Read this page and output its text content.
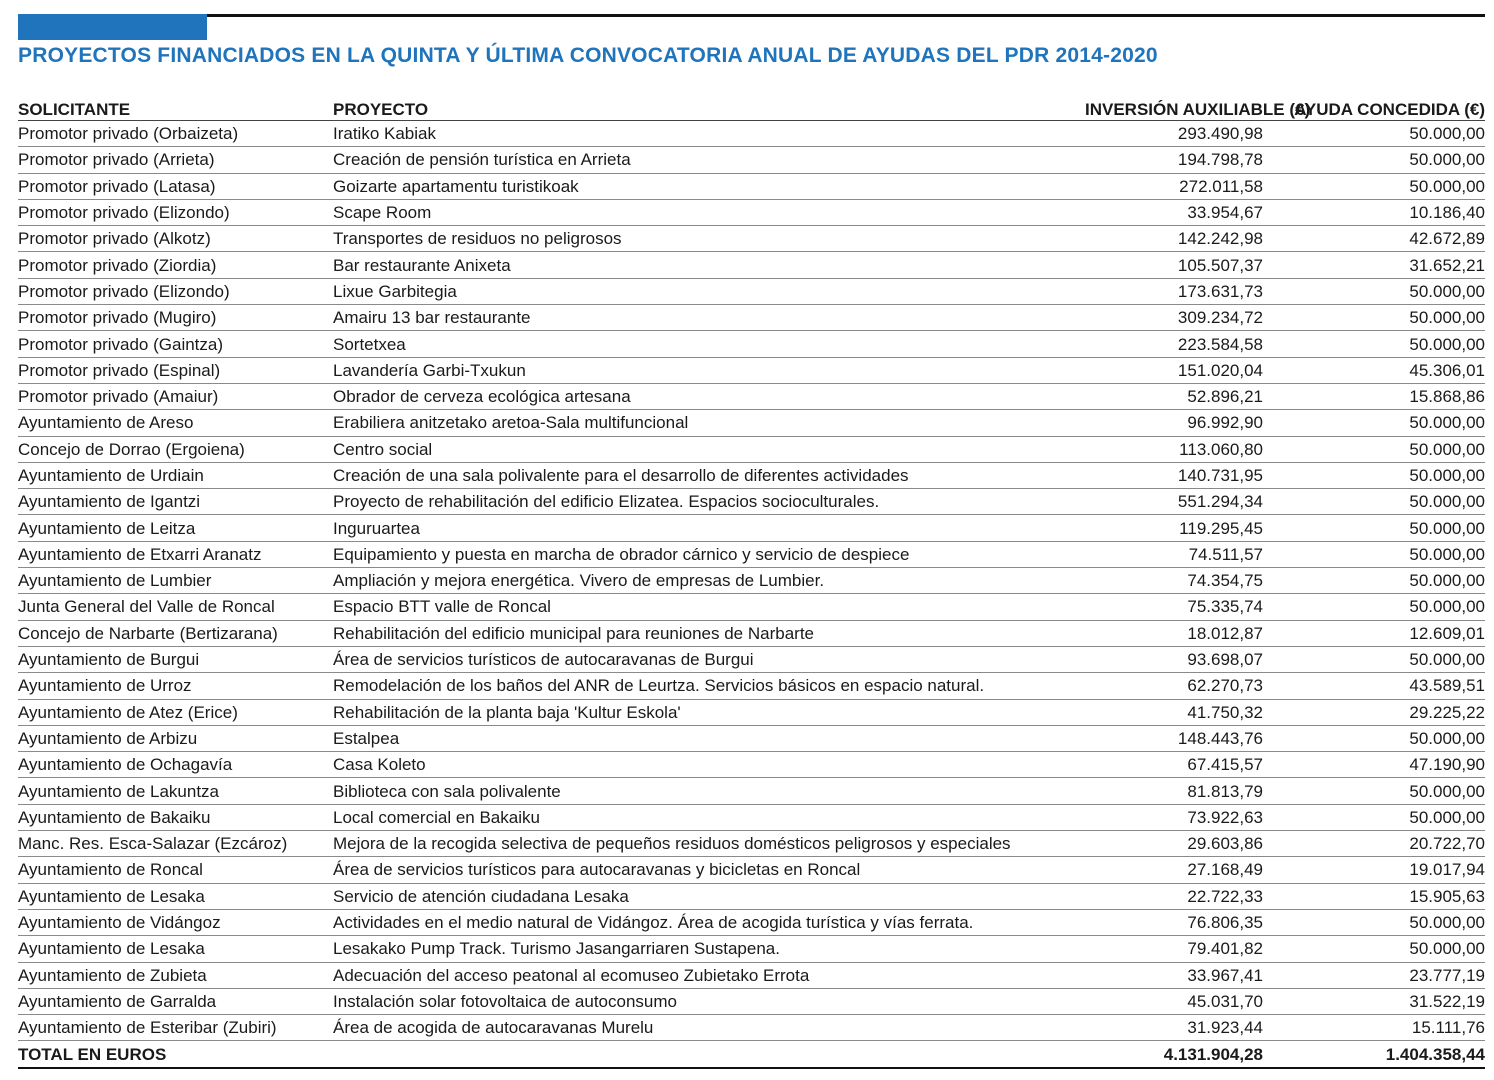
PROYECTOS FINANCIADOS EN LA QUINTA Y ÚLTIMA CONVOCATORIA ANUAL DE AYUDAS DEL PDR 2014-2020
SOLICITANTE	PROYECTO	INVERSIÓN AUXILIABLE (€)	AYUDA CONCEDIDA (€)
Promotor privado (Orbaizeta)	Iratiko Kabiak	293.490,98	50.000,00
Promotor privado (Arrieta)	Creación de pensión turística en Arrieta	194.798,78	50.000,00
Promotor privado (Latasa)	Goizarte apartamentu turistikoak	272.011,58	50.000,00
Promotor privado (Elizondo)	Scape Room	33.954,67	10.186,40
Promotor privado (Alkotz)	Transportes de residuos no peligrosos	142.242,98	42.672,89
Promotor privado (Ziordia)	Bar restaurante Anixeta	105.507,37	31.652,21
Promotor privado (Elizondo)	Lixue Garbitegia	173.631,73	50.000,00
Promotor privado (Mugiro)	Amairu 13 bar restaurante	309.234,72	50.000,00
Promotor privado (Gaintza)	Sortetxea	223.584,58	50.000,00
Promotor privado (Espinal)	Lavandería Garbi-Txukun	151.020,04	45.306,01
Promotor privado (Amaiur)	Obrador de cerveza ecológica artesana	52.896,21	15.868,86
Ayuntamiento de Areso	Erabiliera anitzetako aretoa-Sala multifuncional	96.992,90	50.000,00
Concejo de Dorrao (Ergoiena)	Centro social	113.060,80	50.000,00
Ayuntamiento de Urdiain	Creación de una sala polivalente para el desarrollo de diferentes actividades	140.731,95	50.000,00
Ayuntamiento de Igantzi	Proyecto de rehabilitación del edificio Elizatea. Espacios socioculturales.	551.294,34	50.000,00
Ayuntamiento de Leitza	Inguruartea	119.295,45	50.000,00
Ayuntamiento de Etxarri Aranatz	Equipamiento y puesta en marcha de obrador cárnico y servicio de despiece	74.511,57	50.000,00
Ayuntamiento de Lumbier	Ampliación y mejora energética. Vivero de empresas de Lumbier.	74.354,75	50.000,00
Junta General del Valle de Roncal	Espacio BTT valle de Roncal	75.335,74	50.000,00
Concejo de Narbarte (Bertizarana)	Rehabilitación del edificio municipal para reuniones de Narbarte	18.012,87	12.609,01
Ayuntamiento de Burgui	Área de servicios turísticos de autocaravanas de Burgui	93.698,07	50.000,00
Ayuntamiento de Urroz	Remodelación de los baños del ANR de Leurtza. Servicios básicos en espacio natural.	62.270,73	43.589,51
Ayuntamiento de Atez (Erice)	Rehabilitación de la planta baja 'Kultur Eskola'	41.750,32	29.225,22
Ayuntamiento de Arbizu	Estalpea	148.443,76	50.000,00
Ayuntamiento de Ochagavía	Casa Koleto	67.415,57	47.190,90
Ayuntamiento de Lakuntza	Biblioteca con sala polivalente	81.813,79	50.000,00
Ayuntamiento de Bakaiku	Local comercial en Bakaiku	73.922,63	50.000,00
Manc. Res. Esca-Salazar (Ezcároz)	Mejora de la recogida selectiva de pequeños residuos domésticos peligrosos y especiales	29.603,86	20.722,70
Ayuntamiento de Roncal	Área de servicios turísticos para autocaravanas y bicicletas en Roncal	27.168,49	19.017,94
Ayuntamiento de Lesaka	Servicio de atención ciudadana Lesaka	22.722,33	15.905,63
Ayuntamiento de Vidángoz	Actividades en el medio natural de Vidángoz. Área de acogida turística y vías ferrata.	76.806,35	50.000,00
Ayuntamiento de Lesaka	Lesakako Pump Track. Turismo Jasangarriaren Sustapena.	79.401,82	50.000,00
Ayuntamiento de Zubieta	Adecuación del acceso peatonal al ecomuseo Zubietako Errota	33.967,41	23.777,19
Ayuntamiento de Garralda	Instalación solar fotovoltaica de autoconsumo	45.031,70	31.522,19
Ayuntamiento de Esteribar (Zubiri)	Área de acogida de autocaravanas Murelu	31.923,44	15.111,76
TOTAL EN EUROS		4.131.904,28	1.404.358,44
